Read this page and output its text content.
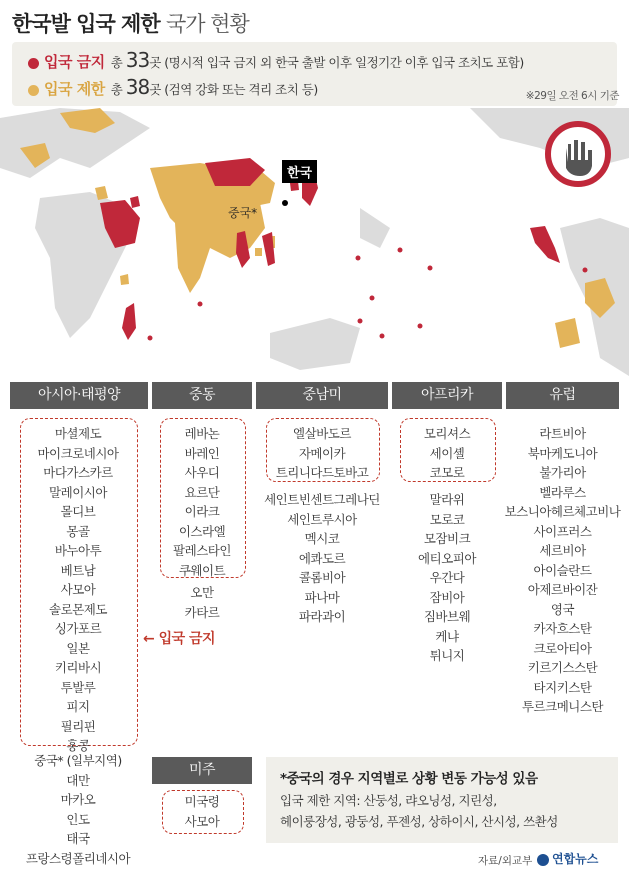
한국발 입국 제한 국가 현황
입국 금지 총 33곳 (명시적 입국 금지 외 한국 출발 이후 일정기간 이후 입국 조치도 포함)
입국 제한 총 38곳 (검역 강화 또는 격리 조치 등)	※29일 오전 6시 기준
한국
중국*
아시아·태평양	중동	중남미	아프리카	유럽
마셜제도
마이크로네시아
마다가스카르
말레이시아
몰디브
몽골
바누아투
베트남
사모아
솔로몬제도
싱가포르
일본
키리바시
투발루
피지
필리핀
홍콩
중국* (일부지역)
대만
마카오
인도
태국
프랑스령폴리네시아
← 입국 금지
레바논
바레인
사우디
요르단
이라크
이스라엘
팔레스타인
쿠웨이트
오만
카타르
미주
미국령
사모아
엘살바도르
자메이카
트리니다드토바고
세인트빈센트그레나딘
세인트루시아
멕시코
에콰도르
콜롬비아
파나마
파라과이
모리셔스
세이셸
코모로
말라위
모로코
모잠비크
에티오피아
우간다
잠비아
짐바브웨
케냐
튀니지
라트비아
북마케도니아
불가리아
벨라루스
보스니아헤르체고비나
사이프러스
세르비아
아이슬란드
아제르바이잔
영국
카자흐스탄
크로아티아
키르기스스탄
타지키스탄
투르크메니스탄
*중국의 경우 지역별로 상황 변동 가능성 있음
입국 제한 지역: 산둥성, 랴오닝성, 지린성,
헤이룽장성, 광둥성, 푸젠성, 상하이시, 산시성, 쓰촨성
자료/외교부	연합뉴스
